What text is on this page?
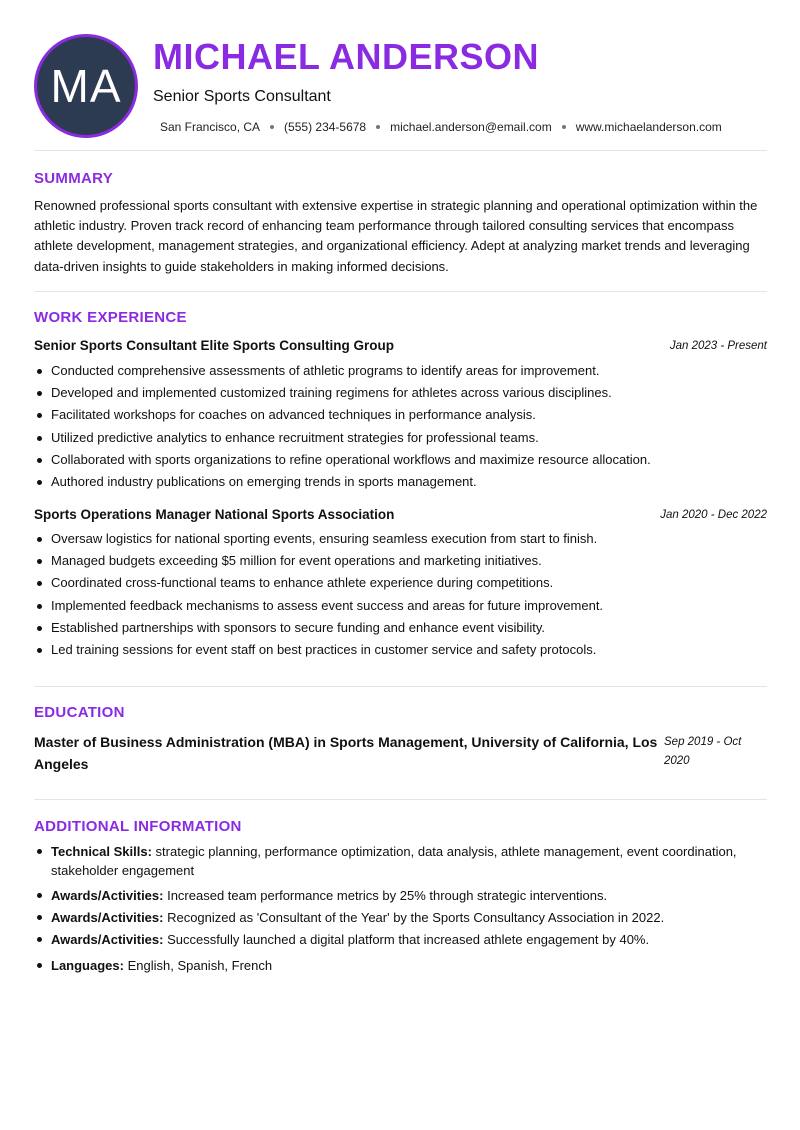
MA
MICHAEL ANDERSON
Senior Sports Consultant
San Francisco, CA (555) 234-5678 michael.anderson@email.com www.michaelanderson.com
SUMMARY

Renowned professional sports consultant with extensive expertise in strategic planning and operational optimization within the athletic industry. Proven track record of enhancing team performance through tailored consulting services that encompass athlete development, management strategies, and organizational efficiency. Adept at analyzing market trends and leveraging data-driven insights to guide stakeholders in making informed decisions.

WORK EXPERIENCE
Senior Sports Consultant Elite Sports Consulting Group	Jan 2023 - Present
Conducted comprehensive assessments of athletic programs to identify areas for improvement.
Developed and implemented customized training regimens for athletes across various disciplines.
Facilitated workshops for coaches on advanced techniques in performance analysis.
Utilized predictive analytics to enhance recruitment strategies for professional teams.
Collaborated with sports organizations to refine operational workflows and maximize resource allocation.
Authored industry publications on emerging trends in sports management.
Sports Operations Manager National Sports Association	Jan 2020 - Dec 2022
Oversaw logistics for national sporting events, ensuring seamless execution from start to finish.
Managed budgets exceeding $5 million for event operations and marketing initiatives.
Coordinated cross-functional teams to enhance athlete experience during competitions.
Implemented feedback mechanisms to assess event success and areas for future improvement.
Established partnerships with sponsors to secure funding and enhance event visibility.
Led training sessions for event staff on best practices in customer service and safety protocols.
EDUCATION
Master of Business Administration (MBA) in Sports Management, University of California, Los Angeles
Sep 2019 - Oct 2020
ADDITIONAL INFORMATION
Technical Skills: strategic planning, performance optimization, data analysis, athlete management, event coordination, stakeholder engagement
Awards/Activities: Increased team performance metrics by 25% through strategic interventions.
Awards/Activities: Recognized as 'Consultant of the Year' by the Sports Consultancy Association in 2022.
Awards/Activities: Successfully launched a digital platform that increased athlete engagement by 40%.
Languages: English, Spanish, French
